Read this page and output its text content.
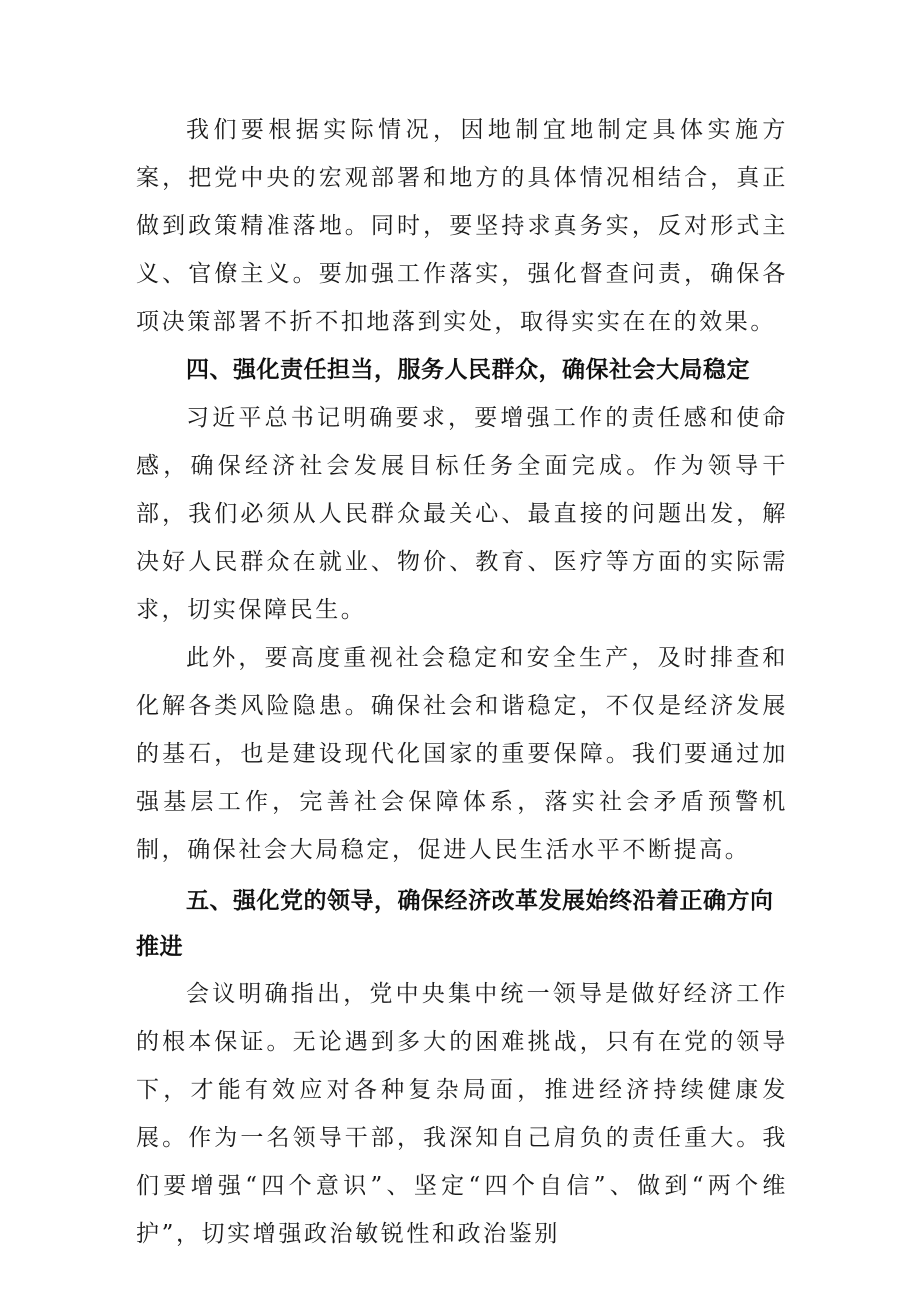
我们要根据实际情况，因地制宜地制定具体实施方案，把党中央的宏观部署和地方的具体情况相结合，真正做到政策精准落地。同时，要坚持求真务实，反对形式主义、官僚主义。要加强工作落实，强化督查问责，确保各项决策部署不折不扣地落到实处，取得实实在在的效果。

四、强化责任担当，服务人民群众，确保社会大局稳定

习近平总书记明确要求，要增强工作的责任感和使命感，确保经济社会发展目标任务全面完成。作为领导干部，我们必须从人民群众最关心、最直接的问题出发，解决好人民群众在就业、物价、教育、医疗等方面的实际需求，切实保障民生。

此外，要高度重视社会稳定和安全生产，及时排查和化解各类风险隐患。确保社会和谐稳定，不仅是经济发展的基石，也是建设现代化国家的重要保障。我们要通过加强基层工作，完善社会保障体系，落实社会矛盾预警机制，确保社会大局稳定，促进人民生活水平不断提高。

五、强化党的领导，确保经济改革发展始终沿着正确方向推进

会议明确指出，党中央集中统一领导是做好经济工作的根本保证。无论遇到多大的困难挑战，只有在党的领导下，才能有效应对各种复杂局面，推进经济持续健康发展。作为一名领导干部，我深知自己肩负的责任重大。我们要增强“四个意识”、坚定“四个自信”、做到“两个维护”，切实增强政治敏锐性和政治鉴别
